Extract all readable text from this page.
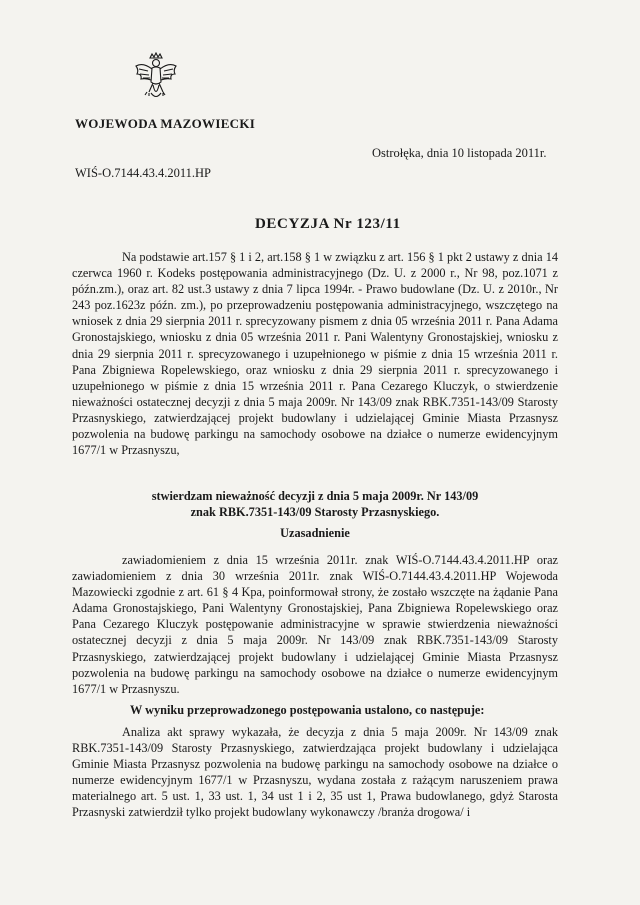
WOJEWODA MAZOWIECKI
Ostrołęka, dnia 10 listopada 2011r.
WIŚ-O.7144.43.4.2011.HP
DECYZJA Nr 123/11

Na podstawie art.157 § 1 i 2, art.158 § 1 w związku z art. 156 § 1 pkt 2 ustawy z dnia 14 czerwca 1960 r. Kodeks postępowania administracyjnego (Dz. U. z 2000 r., Nr 98, poz.1071 z późn.zm.), oraz art. 82 ust.3 ustawy z dnia 7 lipca 1994r. - Prawo budowlane (Dz. U. z 2010r., Nr 243 poz.1623z późn. zm.), po przeprowadzeniu postępowania administracyjnego, wszczętego na wniosek z dnia 29 sierpnia 2011 r. sprecyzowany pismem z dnia 05 września 2011 r. Pana Adama Gronostajskiego, wniosku z dnia 05 września 2011 r. Pani Walentyny Gronostajskiej, wniosku z dnia 29 sierpnia 2011 r. sprecyzowanego i uzupełnionego w piśmie z dnia 15 września 2011 r. Pana Zbigniewa Ropelewskiego, oraz wniosku z dnia 29 sierpnia 2011 r. sprecyzowanego i uzupełnionego w piśmie z dnia 15 września 2011 r. Pana Cezarego Kluczyk, o stwierdzenie nieważności ostatecznej decyzji z dnia 5 maja 2009r. Nr 143/09 znak RBK.7351-143/09 Starosty Przasnyskiego, zatwierdzającej projekt budowlany i udzielającej Gminie Miasta Przasnysz pozwolenia na budowę parkingu na samochody osobowe na działce o numerze ewidencyjnym 1677/1 w Przasnyszu,

stwierdzam nieważność decyzji z dnia 5 maja 2009r. Nr 143/09
znak RBK.7351-143/09 Starosty Przasnyskiego.

Uzasadnienie

zawiadomieniem z dnia 15 września 2011r. znak WIŚ-O.7144.43.4.2011.HP oraz zawiadomieniem z dnia 30 września 2011r. znak WIŚ-O.7144.43.4.2011.HP Wojewoda Mazowiecki zgodnie z art. 61 § 4 Kpa, poinformował strony, że zostało wszczęte na żądanie Pana Adama Gronostajskiego, Pani Walentyny Gronostajskiej, Pana Zbigniewa Ropelewskiego oraz Pana Cezarego Kluczyk postępowanie administracyjne w sprawie stwierdzenia nieważności ostatecznej decyzji z dnia 5 maja 2009r. Nr 143/09 znak RBK.7351-143/09 Starosty Przasnyskiego, zatwierdzającej projekt budowlany i udzielającej Gminie Miasta Przasnysz pozwolenia na budowę parkingu na samochody osobowe na działce o numerze ewidencyjnym 1677/1 w Przasnyszu.

W wyniku przeprowadzonego postępowania ustalono, co następuje:

Analiza akt sprawy wykazała, że decyzja z dnia 5 maja 2009r. Nr 143/09 znak RBK.7351-143/09 Starosty Przasnyskiego, zatwierdzająca projekt budowlany i udzielająca Gminie Miasta Przasnysz pozwolenia na budowę parkingu na samochody osobowe na działce o numerze ewidencyjnym 1677/1 w Przasnyszu, wydana została z rażącym naruszeniem prawa materialnego art. 5 ust. 1, 33 ust. 1, 34 ust 1 i 2, 35 ust 1, Prawa budowlanego, gdyż Starosta Przasnyski zatwierdził tylko projekt budowlany wykonawczy /branża drogowa/ i
